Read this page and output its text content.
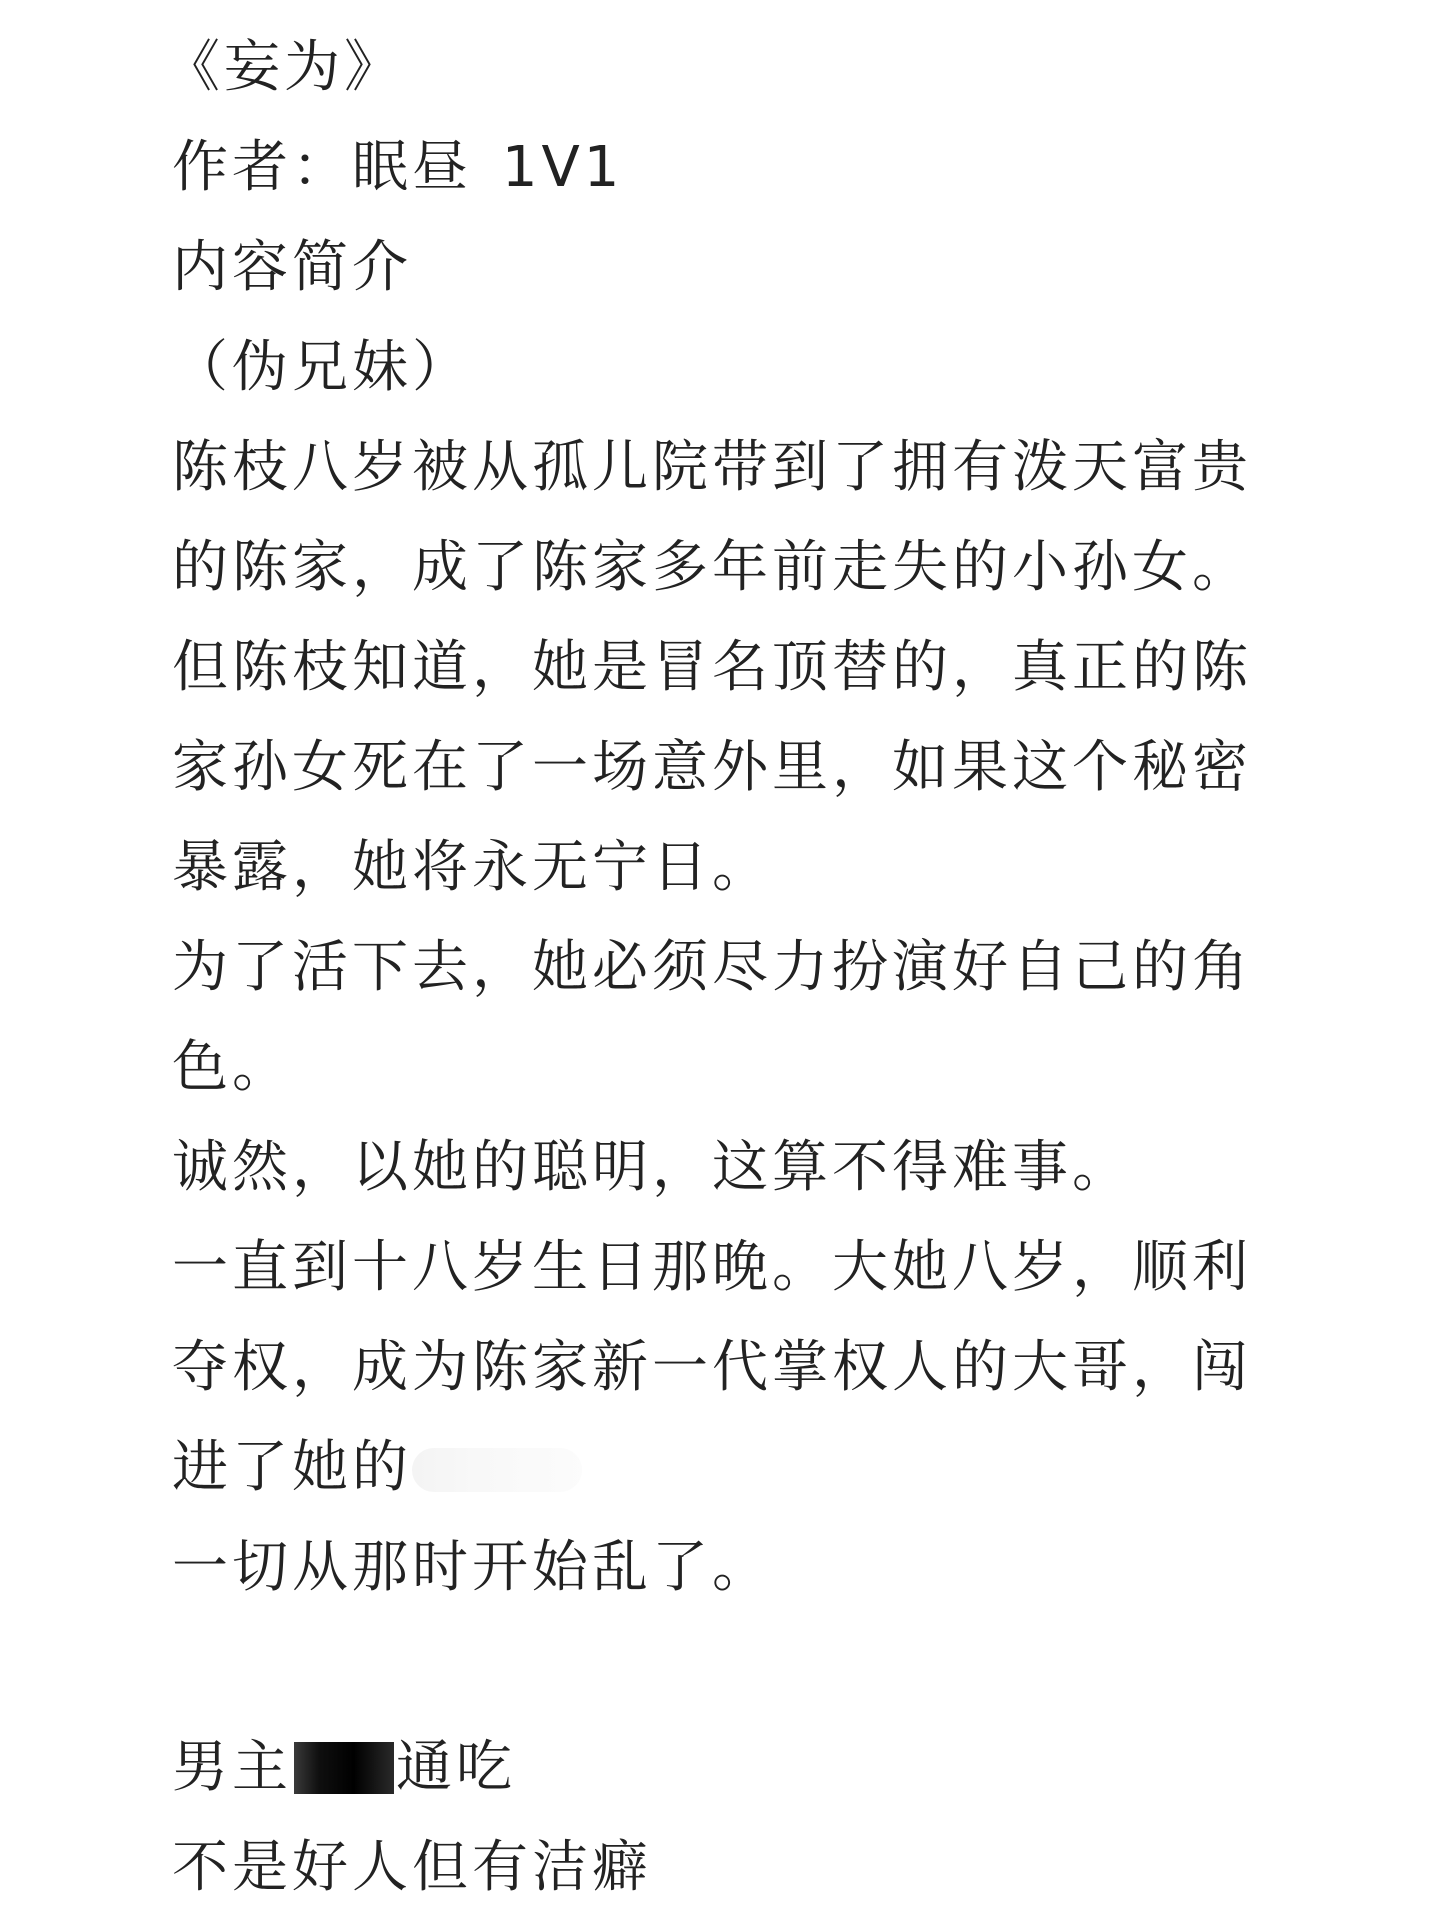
《妄为》
作者：眠昼 1V1
内容简介
（伪兄妹）
陈枝八岁被从孤儿院带到了拥有泼天富贵
的陈家，成了陈家多年前走失的小孙女。
但陈枝知道，她是冒名顶替的，真正的陈
家孙女死在了一场意外里，如果这个秘密
暴露，她将永无宁日。
为了活下去，她必须尽力扮演好自己的角
色。
诚然，以她的聪明，这算不得难事。
一直到十八岁生日那晚。大她八岁，顺利
夺权，成为陈家新一代掌权人的大哥，闯
进了她的
一切从那时开始乱了。
男主 通吃
不是好人但有洁癖
